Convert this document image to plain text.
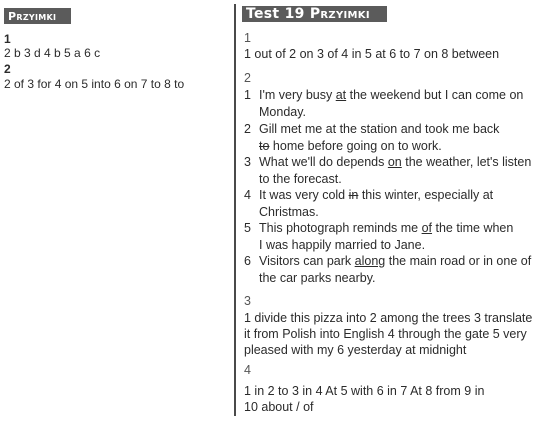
Przyimki
1
2 b 3 d 4 b 5 a 6 c
2
2 of 3 for 4 on 5 into 6 on 7 to 8 to
Test 19
Przyimki
1
1 out of 2 on 3 of 4 in 5 at 6 to 7 on 8 between
2
1 I'm very busy at the weekend but I can come on
Monday.
2 Gill met me at the station and took me back
to home before going on to work.
3 What we'll do depends on the weather, let's listen
to the forecast.
4 It was very cold in this winter, especially at
Christmas.
5 This photograph reminds me of the time when
I was happily married to Jane.
6 Visitors can park along the main road or in one of
the car parks nearby.
3
1 divide this pizza into 2 among the trees 3 translate
it from Polish into English 4 through the gate 5 very
pleased with my 6 yesterday at midnight
4
1 in 2 to 3 in 4 At 5 with 6 in 7 At 8 from 9 in
10 about / of
